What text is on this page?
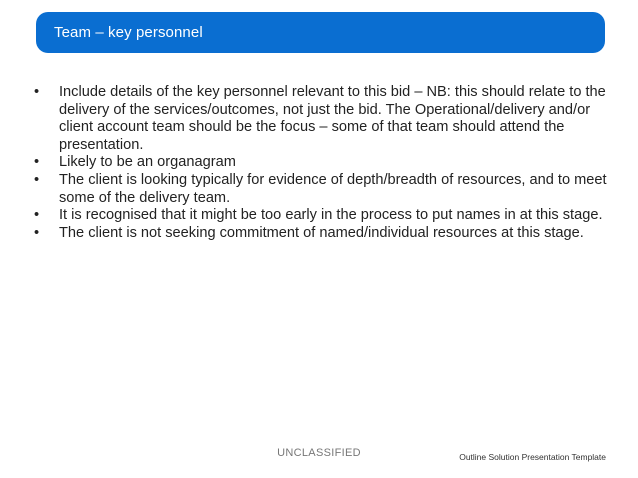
Team – key personnel
•	Include details of the key personnel relevant to this bid – NB: this should relate to the delivery of the services/outcomes, not just the bid. The Operational/delivery and/or client account team should be the focus – some of that team should attend the presentation.
•	Likely to be an organagram
•	The client is looking typically for evidence of depth/breadth of resources, and to meet some of the delivery team.
•	It is recognised that it might be too early in the process to put names in at this stage.
•	The client is not seeking commitment of named/individual resources at this stage.
UNCLASSIFIED	Outline Solution Presentation Template
